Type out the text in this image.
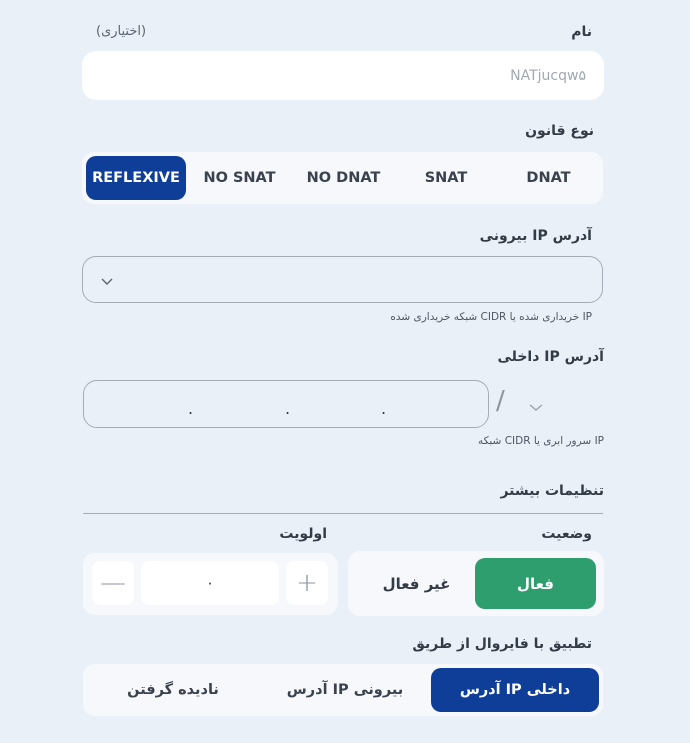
نام
(اختیاری)
NATjucqw۵
نوع قانون
REFLEXIVE	NO SNAT	NO DNAT	SNAT	DNAT
آدرس IP بیرونی
IP خریداری شده یا CIDR شبکه خریداری شده
آدرس IP داخلی
.	.	.	/
IP سرور ابری یا CIDR شبکه
تنظیمات بیشتر
وضعیت
اولویت
—	۰	+	غیر فعال	فعال
تطبیق با فایروال از طریق
نادیده گرفتن	آدرس IP بیرونی	آدرس IP داخلی
